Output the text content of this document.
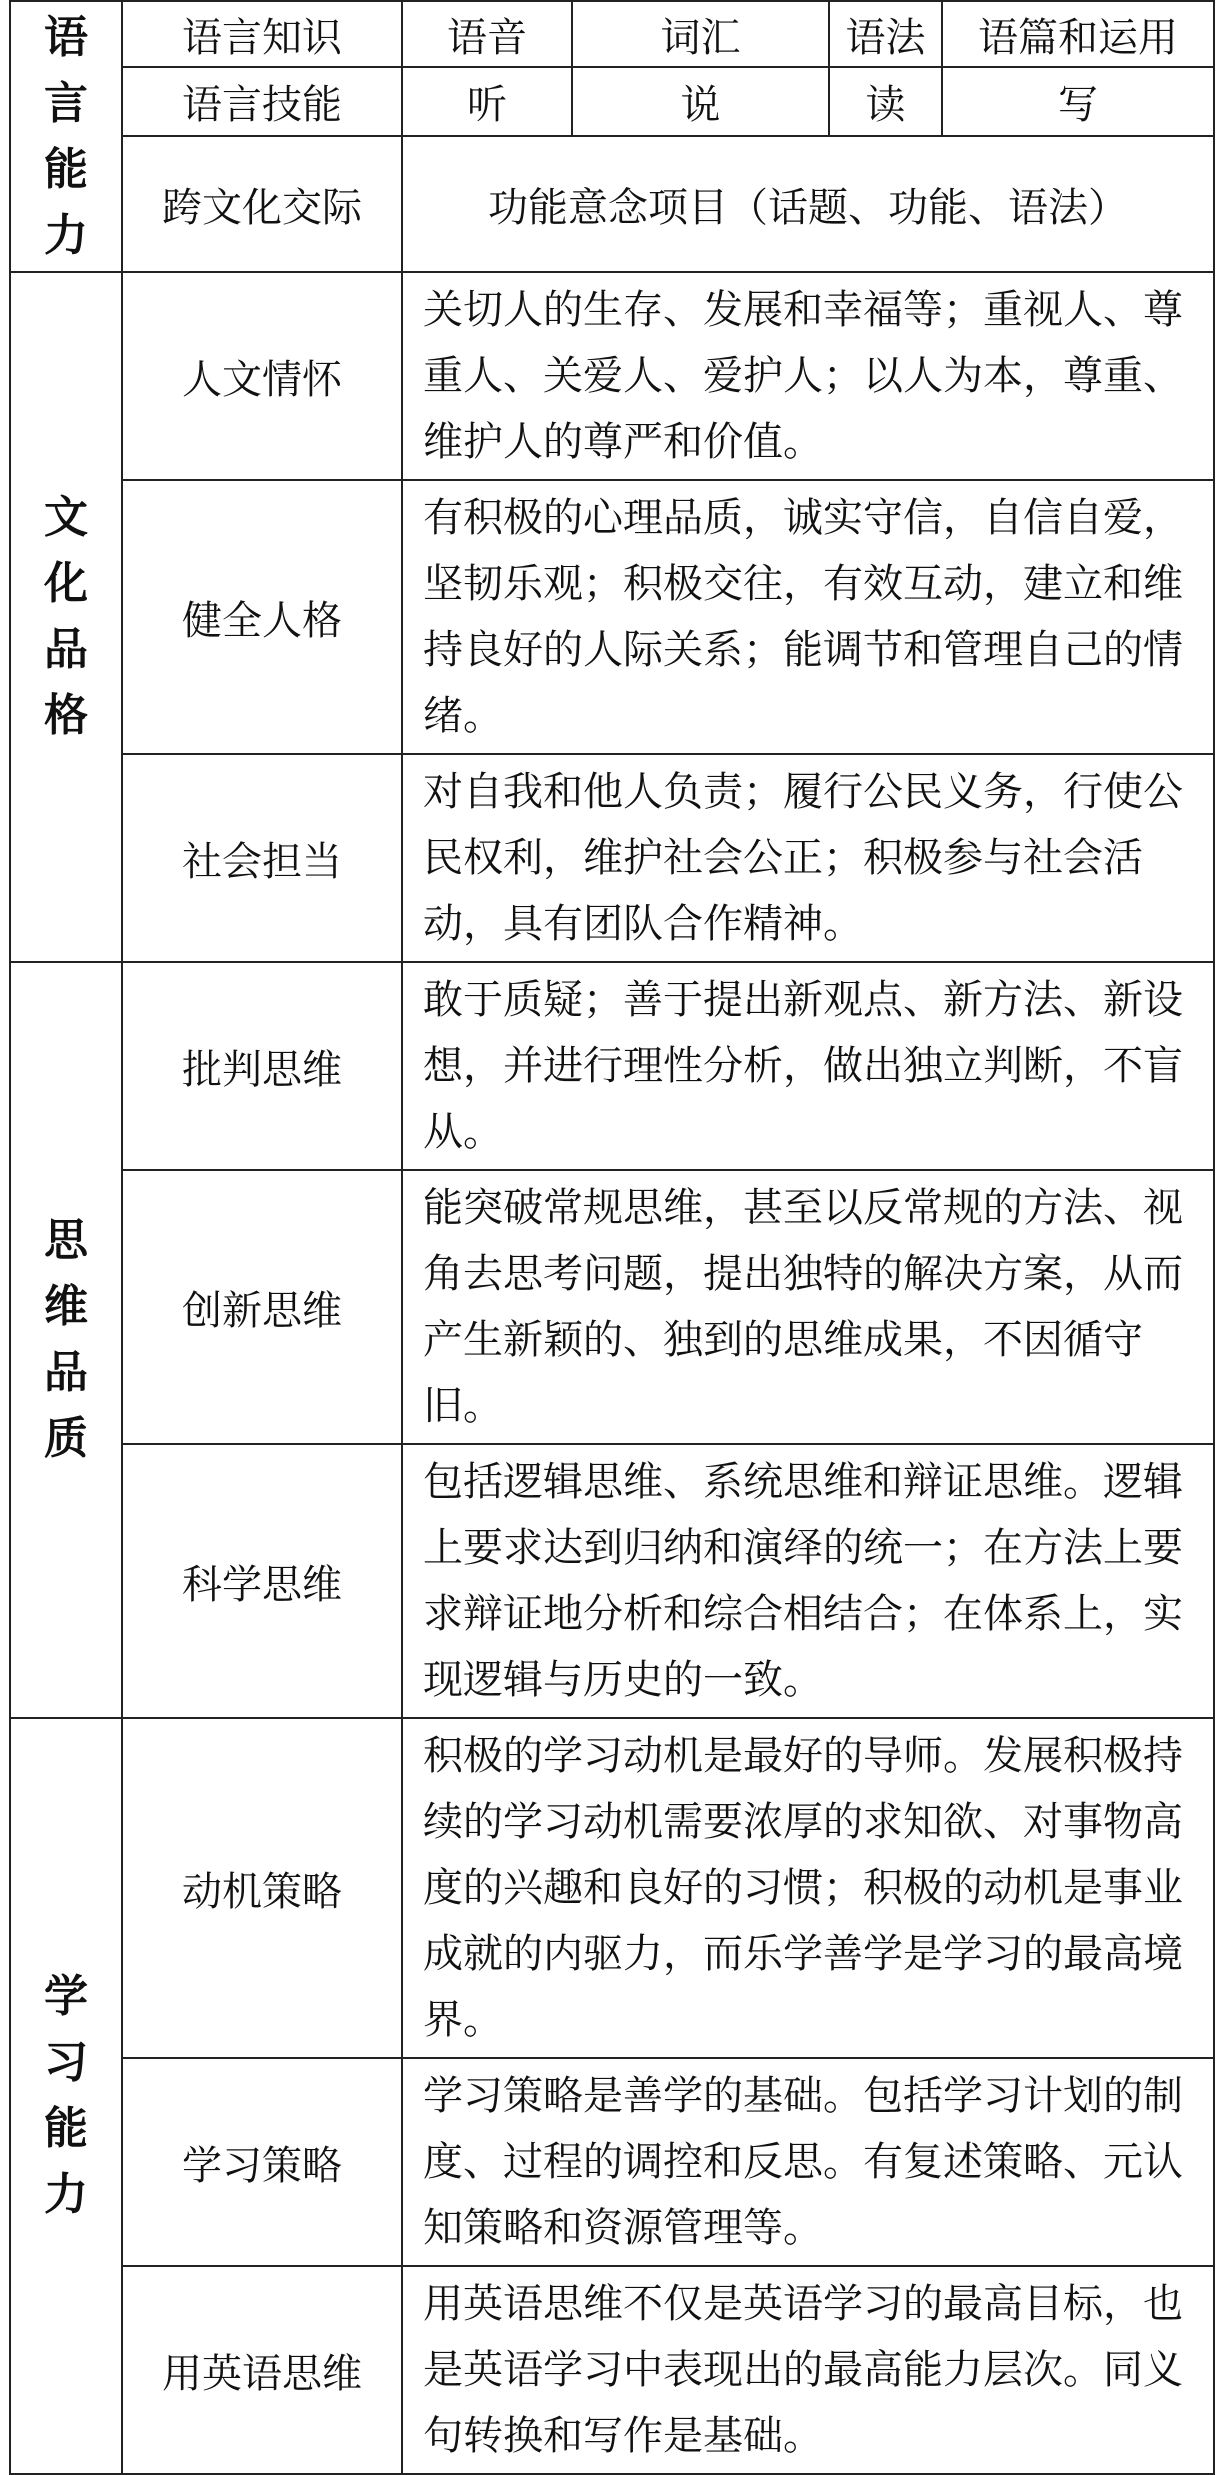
语
言
能
力	语言知识	语音	词汇	语法	语篇和运用
	语言技能	听	说	读	写
	跨文化交际	功能意念项目（话题、功能、语法）			

文
化
品
格	人文情怀	关切人的生存、发展和幸福等；重视人、尊重人、关爱人、爱护人；以人为本，尊重、维护人的尊严和价值。			
	健全人格	有积极的心理品质，诚实守信，自信自爱，坚韧乐观；积极交往，有效互动，建立和维持良好的人际关系；能调节和管理自己的情绪。			
	社会担当	对自我和他人负责；履行公民义务，行使公民权利，维护社会公正；积极参与社会活动，具有团队合作精神。			

思
维
品
质	批判思维	敢于质疑；善于提出新观点、新方法、新设想，并进行理性分析，做出独立判断，不盲从。			
	创新思维	能突破常规思维，甚至以反常规的方法、视角去思考问题，提出独特的解决方案，从而产生新颖的、独到的思维成果，不因循守旧。			
	科学思维	包括逻辑思维、系统思维和辩证思维。逻辑上要求达到归纳和演绎的统一；在方法上要求辩证地分析和综合相结合；在体系上，实现逻辑与历史的一致。			

学
习
能
力	动机策略	积极的学习动机是最好的导师。发展积极持续的学习动机需要浓厚的求知欲、对事物高度的兴趣和良好的习惯；积极的动机是事业成就的内驱力，而乐学善学是学习的最高境界。			
	学习策略	学习策略是善学的基础。包括学习计划的制度、过程的调控和反思。有复述策略、元认知策略和资源管理等。			
	用英语思维	用英语思维不仅是英语学习的最高目标，也是英语学习中表现出的最高能力层次。同义句转换和写作是基础。			
